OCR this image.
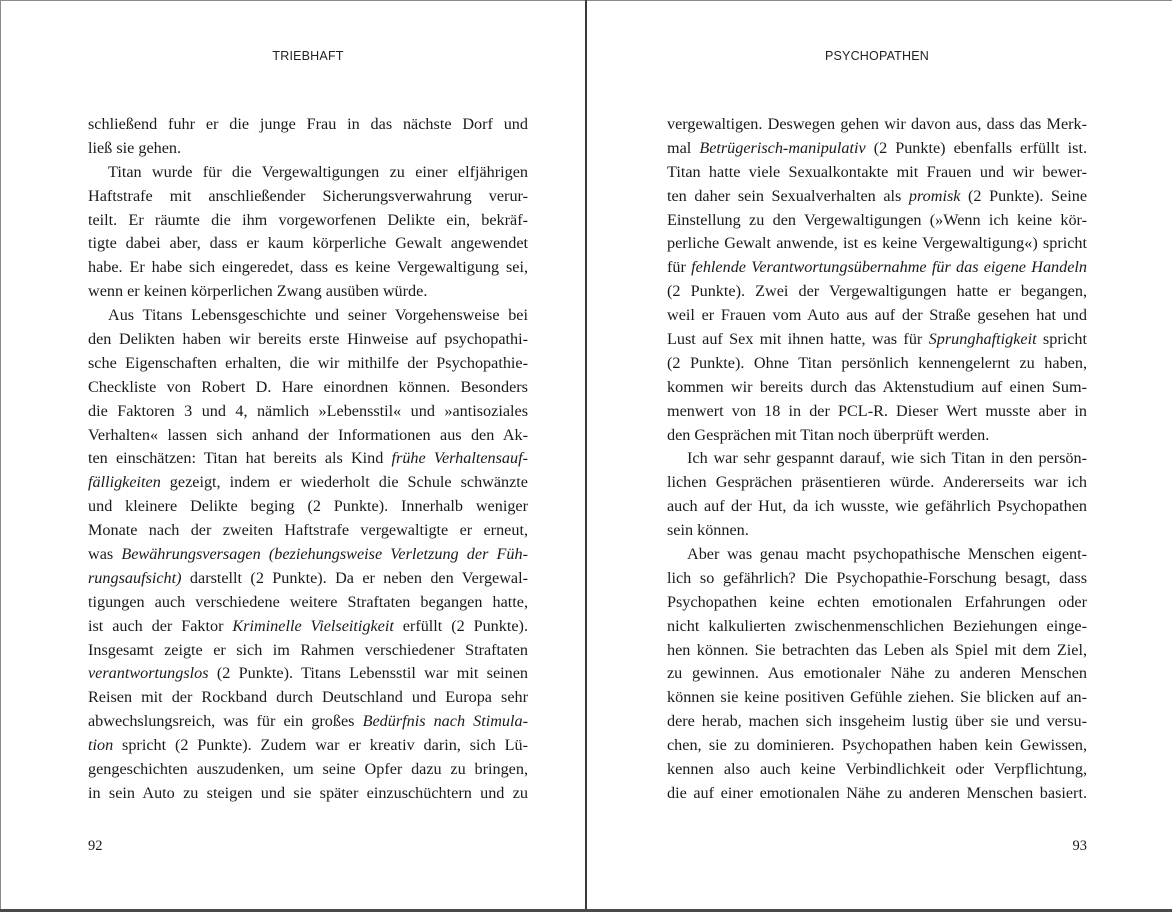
TRIEBHAFT
schließend fuhr er die junge Frau in das nächste Dorf und
ließ sie gehen.
Titan wurde für die Vergewaltigungen zu einer elfjährigen
Haftstrafe mit anschließender Sicherungsverwahrung verur-
teilt. Er räumte die ihm vorgeworfenen Delikte ein, bekräf-
tigte dabei aber, dass er kaum körperliche Gewalt angewendet
habe. Er habe sich eingeredet, dass es keine Vergewaltigung sei,
wenn er keinen körperlichen Zwang ausüben würde.
Aus Titans Lebensgeschichte und seiner Vorgehensweise bei
den Delikten haben wir bereits erste Hinweise auf psychopathi-
sche Eigenschaften erhalten, die wir mithilfe der Psychopathie-
Checkliste von Robert D. Hare einordnen können. Besonders
die Faktoren 3 und 4, nämlich »Lebensstil« und »antisoziales
Verhalten« lassen sich anhand der Informationen aus den Ak-
ten einschätzen: Titan hat bereits als Kind frühe Verhaltensauf-
fälligkeiten gezeigt, indem er wiederholt die Schule schwänzte
und kleinere Delikte beging (2 Punkte). Innerhalb weniger
Monate nach der zweiten Haftstrafe vergewaltigte er erneut,
was Bewährungsversagen (beziehungsweise Verletzung der Füh-
rungsaufsicht) darstellt (2 Punkte). Da er neben den Vergewal-
tigungen auch verschiedene weitere Straftaten begangen hatte,
ist auch der Faktor Kriminelle Vielseitigkeit erfüllt (2 Punkte).
Insgesamt zeigte er sich im Rahmen verschiedener Straftaten
verantwortungslos (2 Punkte). Titans Lebensstil war mit seinen
Reisen mit der Rockband durch Deutschland und Europa sehr
abwechslungsreich, was für ein großes Bedürfnis nach Stimula-
tion spricht (2 Punkte). Zudem war er kreativ darin, sich Lü-
gengeschichten auszudenken, um seine Opfer dazu zu bringen,
in sein Auto zu steigen und sie später einzuschüchtern und zu
92
PSYCHOPATHEN
vergewaltigen. Deswegen gehen wir davon aus, dass das Merk-
mal Betrügerisch-manipulativ (2 Punkte) ebenfalls erfüllt ist.
Titan hatte viele Sexualkontakte mit Frauen und wir bewer-
ten daher sein Sexualverhalten als promisk (2 Punkte). Seine
Einstellung zu den Vergewaltigungen (»Wenn ich keine kör-
perliche Gewalt anwende, ist es keine Vergewaltigung«) spricht
für fehlende Verantwortungsübernahme für das eigene Handeln
(2 Punkte). Zwei der Vergewaltigungen hatte er begangen,
weil er Frauen vom Auto aus auf der Straße gesehen hat und
Lust auf Sex mit ihnen hatte, was für Sprunghaftigkeit spricht
(2 Punkte). Ohne Titan persönlich kennengelernt zu haben,
kommen wir bereits durch das Aktenstudium auf einen Sum-
menwert von 18 in der PCL-R. Dieser Wert musste aber in
den Gesprächen mit Titan noch überprüft werden.
Ich war sehr gespannt darauf, wie sich Titan in den persön-
lichen Gesprächen präsentieren würde. Andererseits war ich
auch auf der Hut, da ich wusste, wie gefährlich Psychopathen
sein können.
Aber was genau macht psychopathische Menschen eigent-
lich so gefährlich? Die Psychopathie-Forschung besagt, dass
Psychopathen keine echten emotionalen Erfahrungen oder
nicht kalkulierten zwischenmenschlichen Beziehungen einge-
hen können. Sie betrachten das Leben als Spiel mit dem Ziel,
zu gewinnen. Aus emotionaler Nähe zu anderen Menschen
können sie keine positiven Gefühle ziehen. Sie blicken auf an-
dere herab, machen sich insgeheim lustig über sie und versu-
chen, sie zu dominieren. Psychopathen haben kein Gewissen,
kennen also auch keine Verbindlichkeit oder Verpflichtung,
die auf einer emotionalen Nähe zu anderen Menschen basiert.
93
